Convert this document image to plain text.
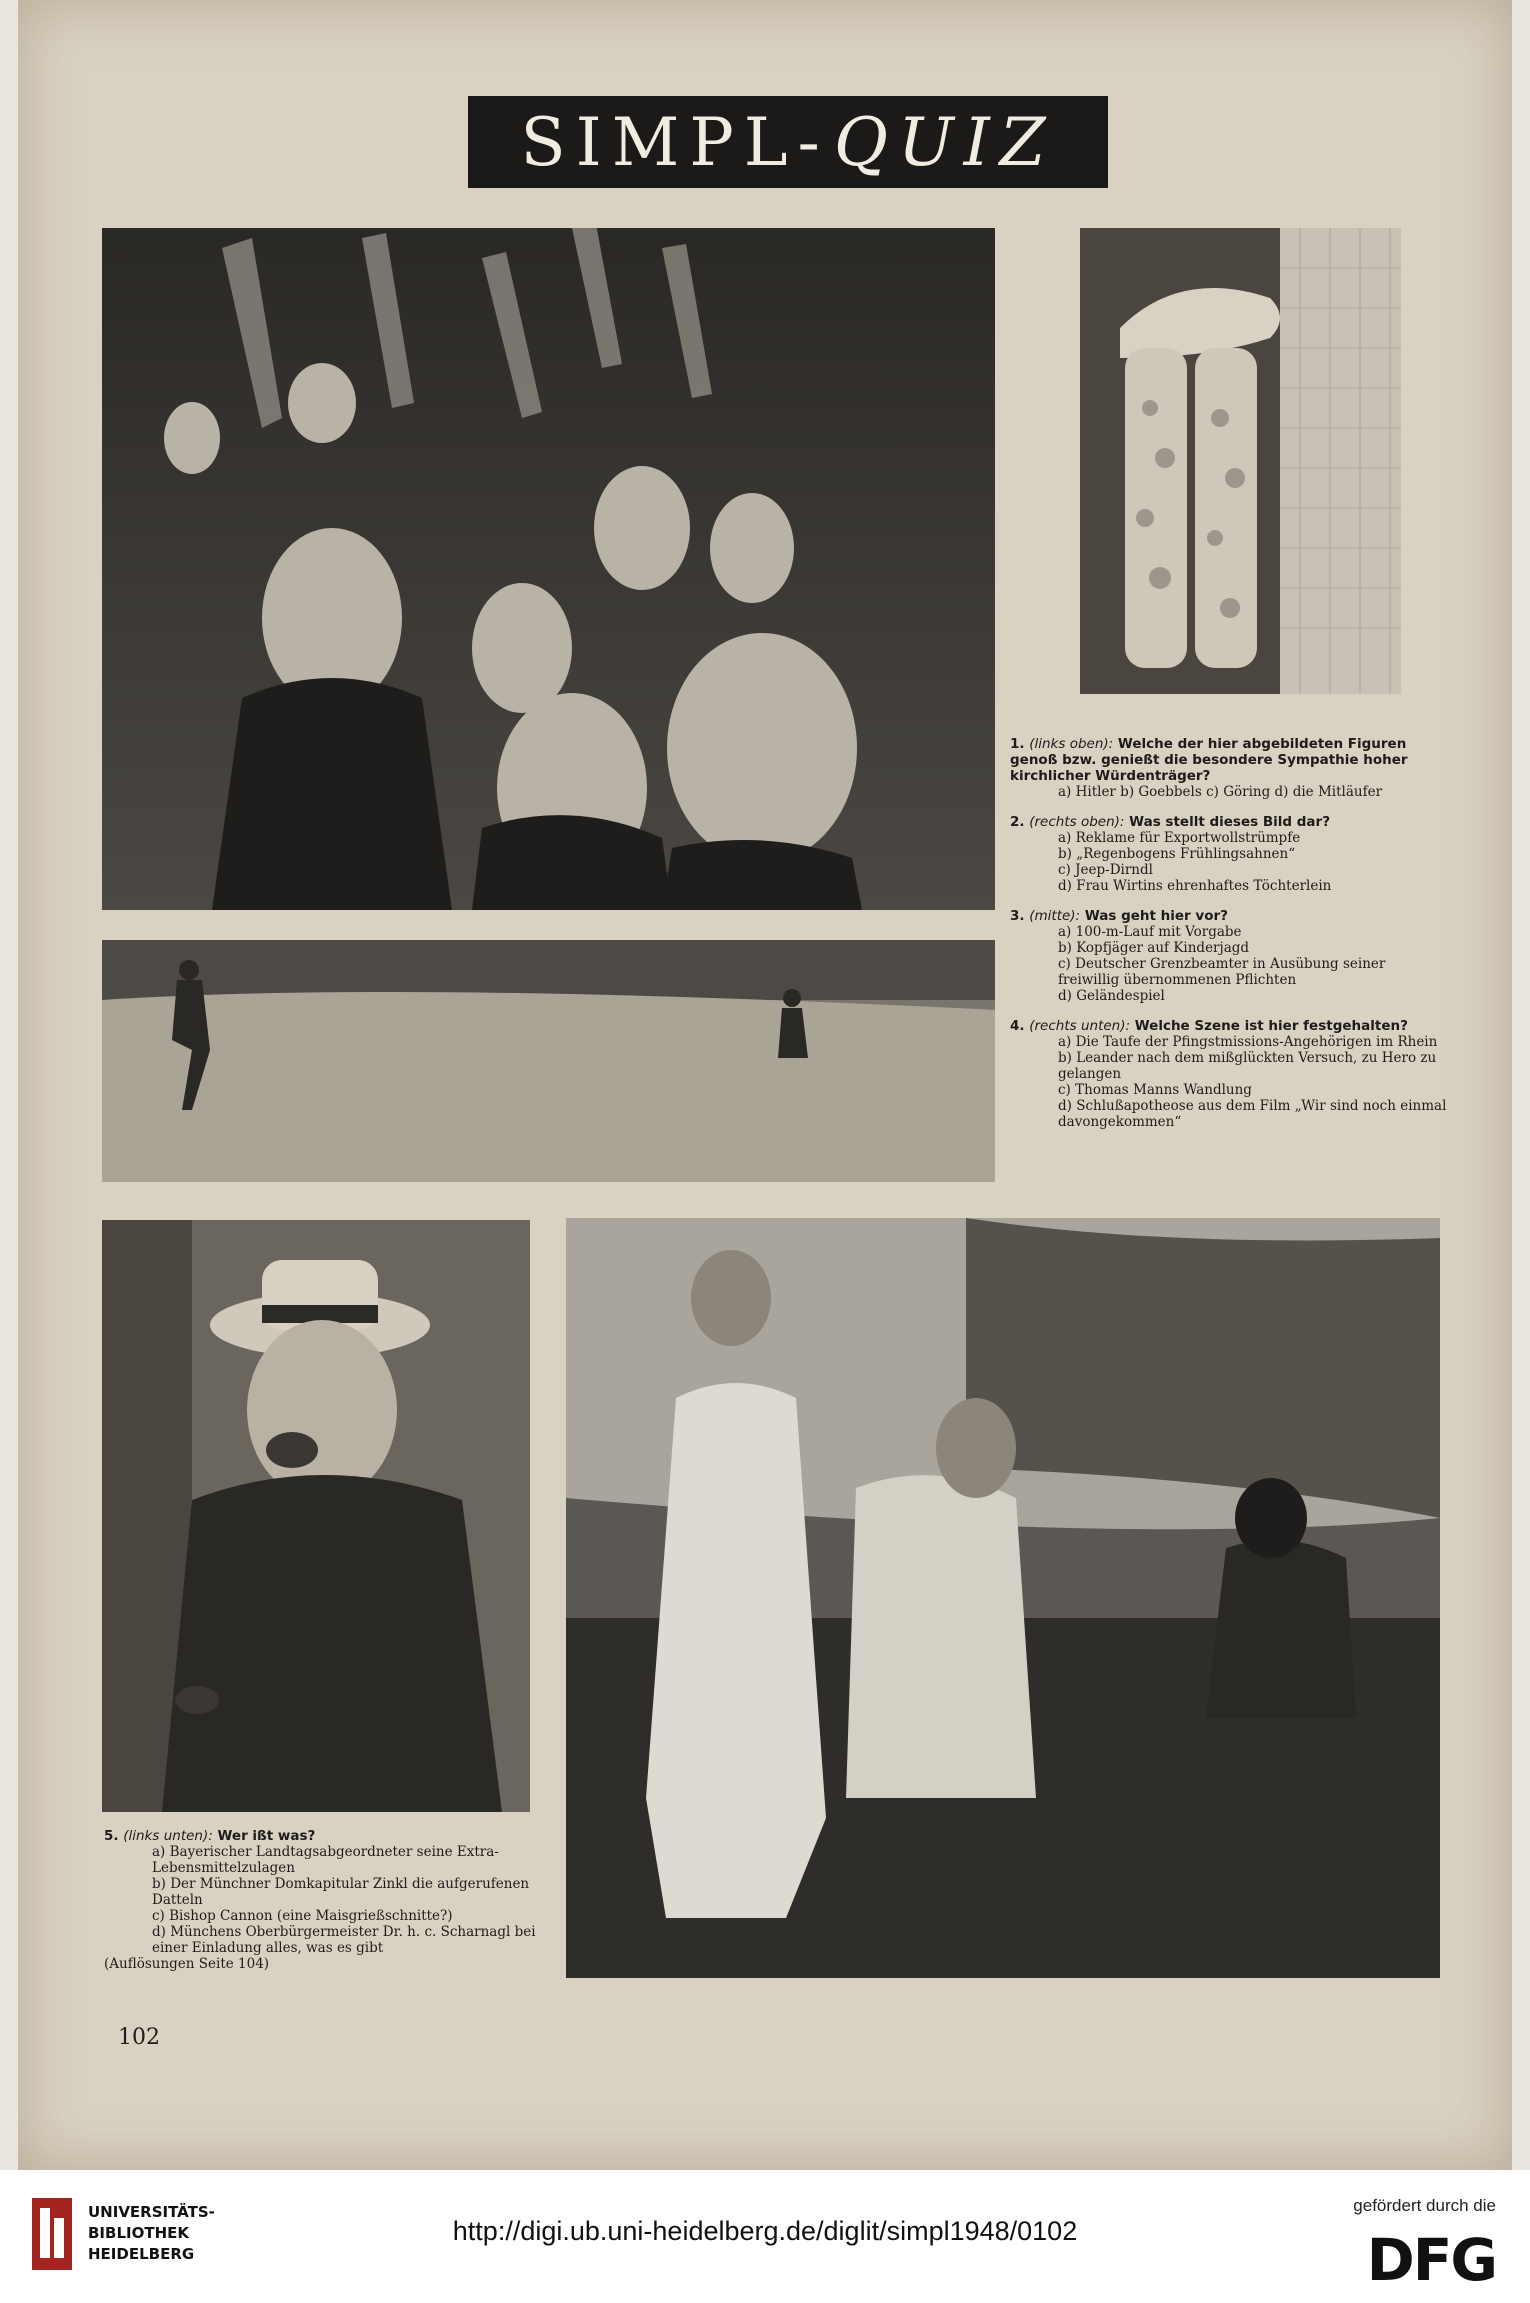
SIMPL- QUIZ
1. (links oben): Welche der hier abgebildeten Figuren genoß bzw. genießt die besondere Sympathie hoher kirchlicher Würdenträger?
a) Hitler b) Goebbels c) Göring d) die Mitläufer
2. (rechts oben): Was stellt dieses Bild dar?
a) Reklame für Exportwollstrümpfe
b) „Regenbogens Frühlingsahnen“
c) Jeep-Dirndl
d) Frau Wirtins ehrenhaftes Töchterlein
3. (mitte): Was geht hier vor?
a) 100-m-Lauf mit Vorgabe
b) Kopfjäger auf Kinderjagd
c) Deutscher Grenzbeamter in Ausübung seiner freiwillig übernommenen Pflichten
d) Geländespiel
4. (rechts unten): Welche Szene ist hier festgehalten?
a) Die Taufe der Pfingstmissions-Angehörigen im Rhein
b) Leander nach dem mißglückten Versuch, zu Hero zu gelangen
c) Thomas Manns Wandlung
d) Schlußapotheose aus dem Film „Wir sind noch einmal davongekommen“
5. (links unten): Wer ißt was?
a) Bayerischer Landtagsabgeordneter seine Extra-Lebensmittelzulagen
b) Der Münchner Domkapitular Zinkl die aufgerufenen Datteln
c) Bishop Cannon (eine Maisgrießschnitte?)
d) Münchens Oberbürgermeister Dr. h. c. Scharnagl bei einer Einladung alles, was es gibt
(Auflösungen Seite 104)
102
UNIVERSITÄTS-
BIBLIOTHEK
HEIDELBERG
http://digi.ub.uni-heidelberg.de/diglit/simpl1948/0102
gefördert durch die
DFG
